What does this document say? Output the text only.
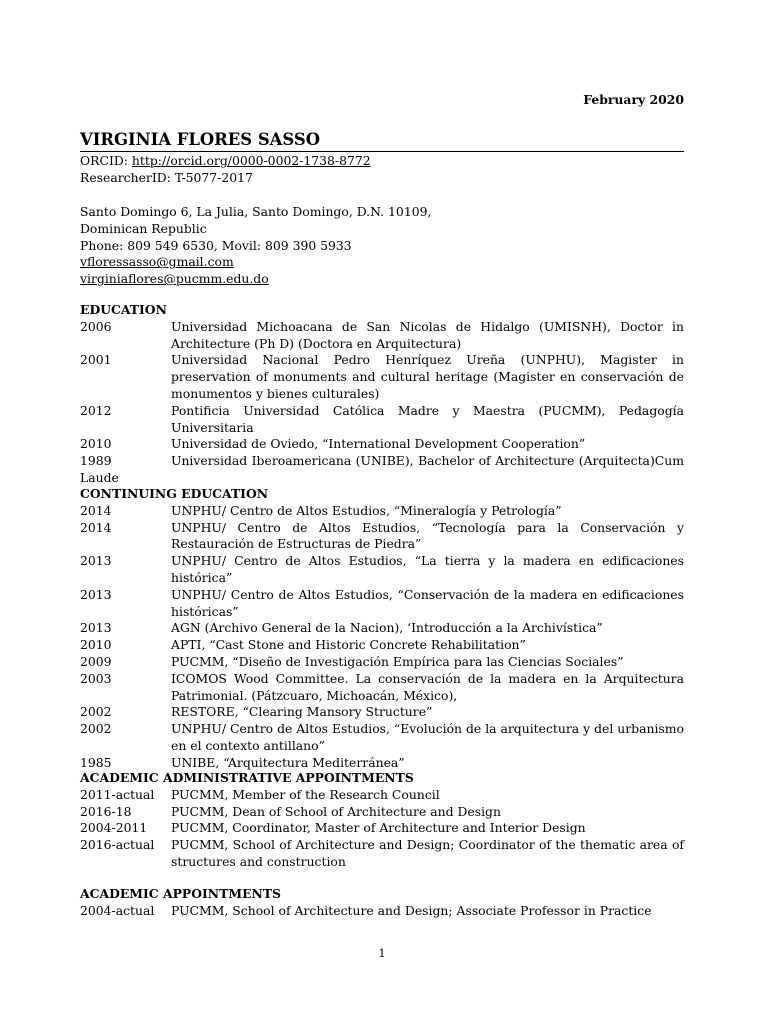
February 2020
VIRGINIA FLORES SASSO
ORCID: http://orcid.org/0000-0002-1738-8772
ResearcherID: T-5077-2017
Santo Domingo 6, La Julia, Santo Domingo, D.N. 10109,
Dominican Republic
Phone: 809 549 6530, Movil: 809 390 5933
vfloressasso@gmail.com
virginiaflores@pucmm.edu.do
EDUCATION
2006	Universidad Michoacana de San Nicolas de Hidalgo (UMISNH), Doctor in Architecture (Ph D) (Doctora en Arquitectura)
2001	Universidad Nacional Pedro Henríquez Ureña (UNPHU), Magister in preservation of monuments and cultural heritage (Magister en conservación de monumentos y bienes culturales)
2012	Pontificia Universidad Católica Madre y Maestra (PUCMM), Pedagogía Universitaria
2010	Universidad de Oviedo, “International Development Cooperation”
1989	Universidad Iberoamericana (UNIBE), Bachelor of Architecture (Arquitecta)Cum
Laude
CONTINUING EDUCATION
2014	UNPHU/ Centro de Altos Estudios, “Mineralogía y Petrología”
2014	UNPHU/ Centro de Altos Estudios, “Tecnología para la Conservación y Restauración de Estructuras de Piedra”
2013	UNPHU/ Centro de Altos Estudios, “La tierra y la madera en edificaciones histórica”
2013	UNPHU/ Centro de Altos Estudios, “Conservación de la madera en edificaciones históricas”
2013	AGN (Archivo General de la Nacion), ‘Introducción a la Archivística”
2010	APTI, “Cast Stone and Historic Concrete Rehabilitation”
2009	PUCMM, “Diseño de Investigación Empírica para las Ciencias Sociales”
2003	ICOMOS Wood Committee. La conservación de la madera en la Arquitectura Patrimonial. (Pátzcuaro, Michoacán, México),
2002	RESTORE, “Clearing Mansory Structure”
2002	UNPHU/ Centro de Altos Estudios, “Evolución de la arquitectura y del urbanismo en el contexto antillano”
1985	UNIBE, “Arquitectura Mediterránea”
ACADEMIC ADMINISTRATIVE APPOINTMENTS
2011-actual	PUCMM, Member of the Research Council
2016-18	PUCMM, Dean of School of Architecture and Design
2004-2011	PUCMM, Coordinator, Master of Architecture and Interior Design
2016-actual	PUCMM, School of Architecture and Design; Coordinator of the thematic area of structures and construction
ACADEMIC APPOINTMENTS
2004-actual	PUCMM, School of Architecture and Design; Associate Professor in Practice
1
